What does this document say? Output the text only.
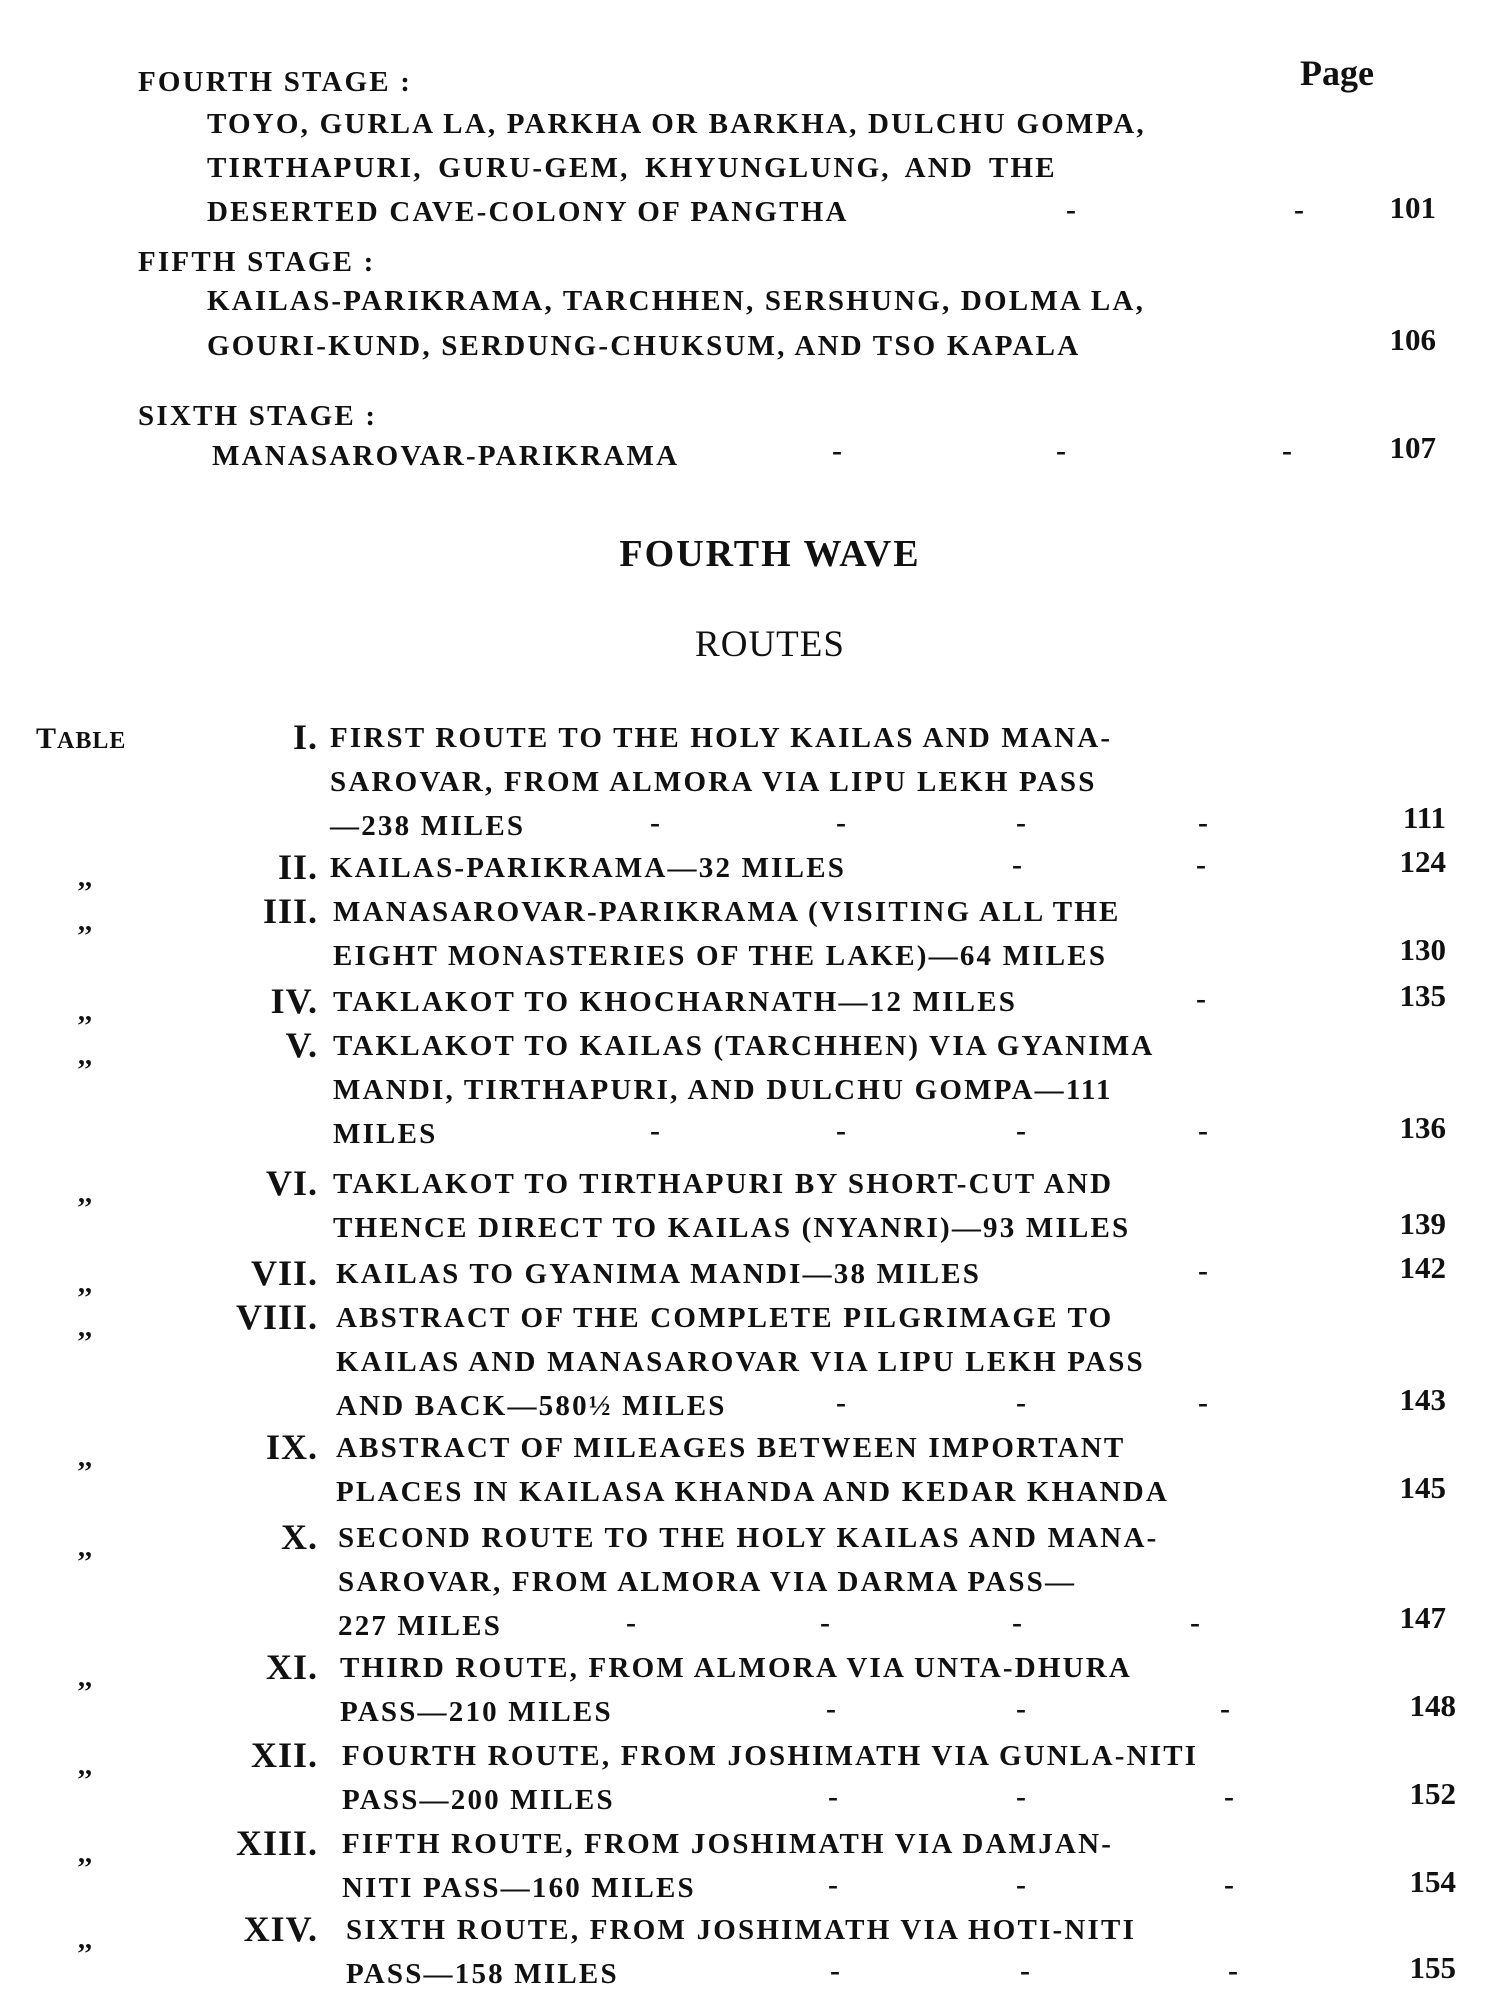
Page
FOURTH STAGE :
TOYO, GURLA LA, PARKHA OR BARKHA, DULCHU GOMPA,
TIRTHAPURI, GURU-GEM, KHYUNGLUNG, AND THE
DESERTED CAVE-COLONY OF PANGTHA	-	-	101
FIFTH STAGE :
KAILAS-PARIKRAMA, TARCHHEN, SERSHUNG, DOLMA LA,
GOURI-KUND, SERDUNG-CHUKSUM, AND TSO KAPALA	106
SIXTH STAGE :
MANASAROVAR-PARIKRAMA	-	-	-	107
FOURTH WAVE
ROUTES
TABLE	I. FIRST ROUTE TO THE HOLY KAILAS AND MANA-
SAROVAR, FROM ALMORA VIA LIPU LEKH PASS
—238 MILES	-	-	-	-	111
,,	II. KAILAS-PARIKRAMA—32 MILES	-	-	124
,,	III. MANASAROVAR-PARIKRAMA (VISITING ALL THE
EIGHT MONASTERIES OF THE LAKE)—64 MILES	130
,,	IV. TAKLAKOT TO KHOCHARNATH—12 MILES	-	135
,,	V. TAKLAKOT TO KAILAS (TARCHHEN) VIA GYANIMA
MANDI, TIRTHAPURI, AND DULCHU GOMPA—111
MILES	-	-	-	-	136
,,	VI. TAKLAKOT TO TIRTHAPURI BY SHORT-CUT AND
THENCE DIRECT TO KAILAS (NYANRI)—93 MILES	139
,,	VII. KAILAS TO GYANIMA MANDI—38 MILES	-	142
,,	VIII. ABSTRACT OF THE COMPLETE PILGRIMAGE TO
KAILAS AND MANASAROVAR VIA LIPU LEKH PASS
AND BACK—580½ MILES	-	-	-	143
,,	IX. ABSTRACT OF MILEAGES BETWEEN IMPORTANT
PLACES IN KAILASA KHANDA AND KEDAR KHANDA	145
,,	X. SECOND ROUTE TO THE HOLY KAILAS AND MANA-
SAROVAR, FROM ALMORA VIA DARMA PASS—
227 MILES	-	-	-	-	147
,,	XI. THIRD ROUTE, FROM ALMORA VIA UNTA-DHURA
PASS—210 MILES	-	-	-	148
,,	XII. FOURTH ROUTE, FROM JOSHIMATH VIA GUNLA-NITI
PASS—200 MILES	-	-	-	152
,,	XIII. FIFTH ROUTE, FROM JOSHIMATH VIA DAMJAN-
NITI PASS—160 MILES	-	-	-	154
,,	XIV. SIXTH ROUTE, FROM JOSHIMATH VIA HOTI-NITI
PASS—158 MILES	-	-	-	155
